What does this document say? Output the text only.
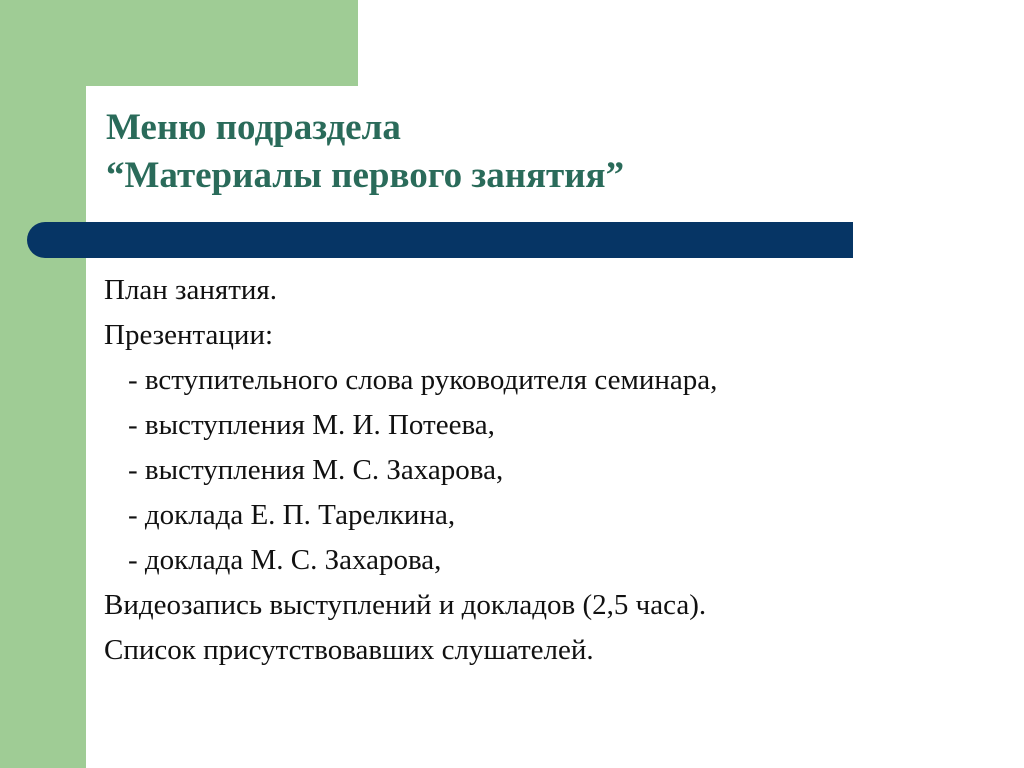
Меню подраздела
“Материалы первого занятия”
План занятия.
Презентации:
- вступительного слова руководителя семинара,
- выступления М. И. Потеева,
- выступления М. С. Захарова,
- доклада Е. П. Тарелкина,
- доклада М. С. Захарова,
Видеозапись выступлений и докладов (2,5 часа).
Список присутствовавших слушателей.
